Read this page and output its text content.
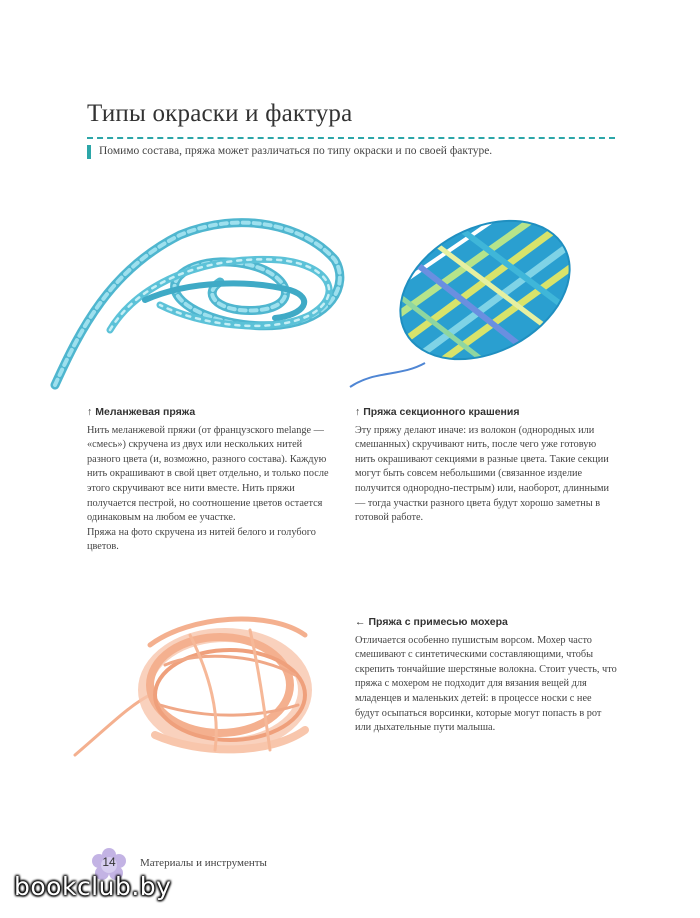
Типы окраски и фактура
Помимо состава, пряжа может различаться по типу окраски и по своей фактуре.
↑ Меланжевая пряжа

Нить меланжевой пряжи (от французского melange — «смесь») скручена из двух или нескольких нитей разного цвета (и, возможно, разного состава). Каждую нить окрашивают в свой цвет отдельно, и только после этого скручивают все нити вместе. Нить пряжи получается пестрой, но соотношение цветов остается одинаковым на любом ее участке.

Пряжа на фото скручена из нитей белого и голубого цветов.

↑ Пряжа секционного крашения

Эту пряжу делают иначе: из волокон (однородных или смешанных) скручивают нить, после чего уже готовую нить окрашивают секциями в разные цвета. Такие секции могут быть совсем небольшими (связанное изделие получится однородно-пестрым) или, наоборот, длинными — тогда участки разного цвета будут хорошо заметны в готовой работе.

← Пряжа с примесью мохера

Отличается особенно пушистым ворсом. Мохер часто смешивают с синтетическими составляющими, чтобы скрепить тончайшие шерстяные волокна. Стоит учесть, что пряжа с мохером не подходит для вязания вещей для младенцев и маленьких детей: в процессе носки с нее будут осыпаться ворсинки, которые могут попасть в рот или дыхательные пути малыша.

14	Материалы и инструменты
bookclub.by
